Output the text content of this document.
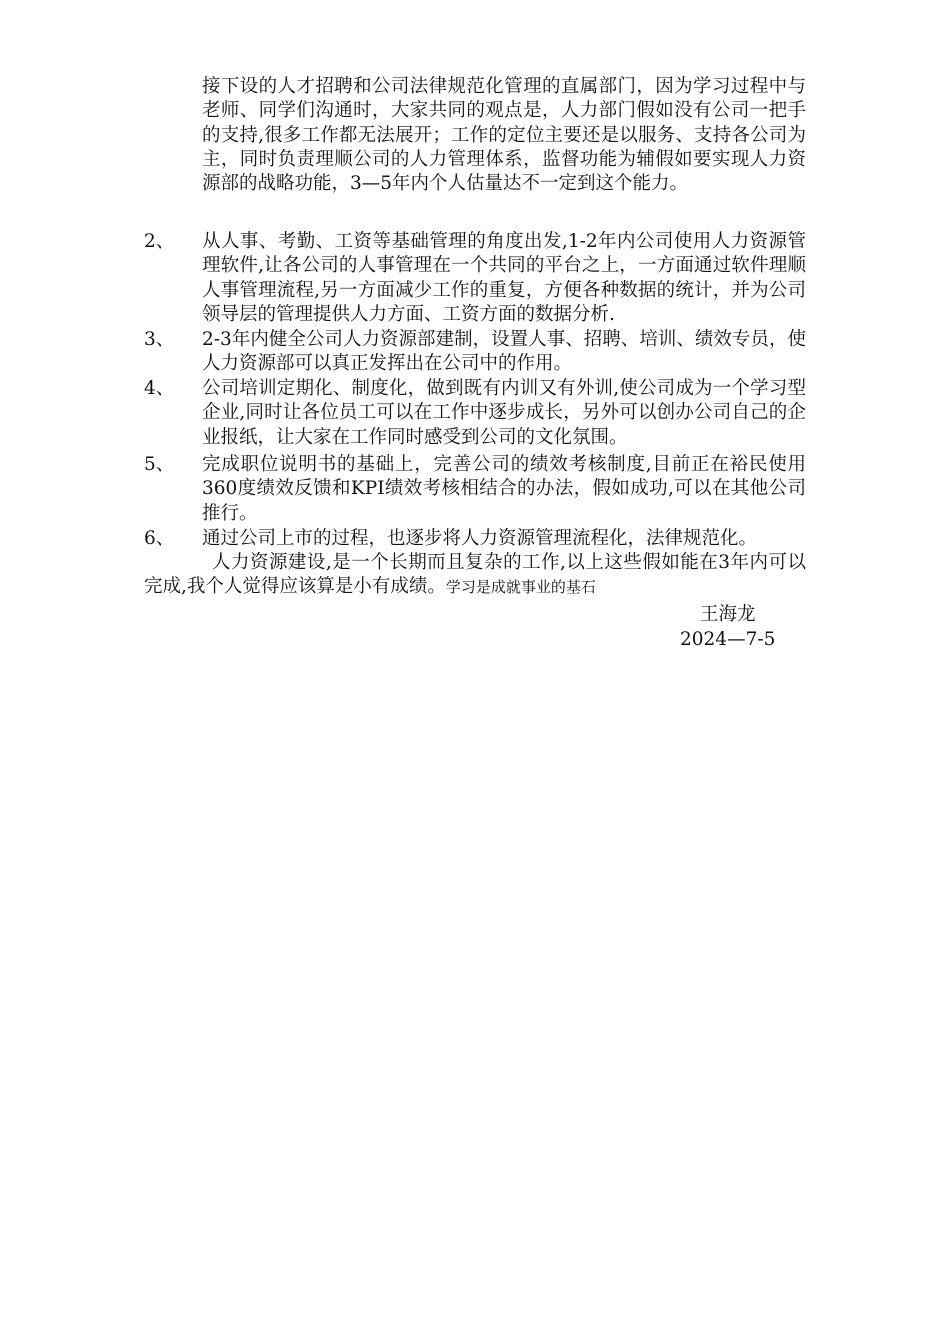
接下设的人才招聘和公司法律规范化管理的直属部门，因为学习过程中与老师、同学们沟通时，大家共同的观点是，人力部门假如没有公司一把手的支持,很多工作都无法展开；工作的定位主要还是以服务、支持各公司为主，同时负责理顺公司的人力管理体系，监督功能为辅假如要实现人力资源部的战略功能，3—5年内个人估量达不一定到这个能力。
2、	从人事、考勤、工资等基础管理的角度出发,1-2年内公司使用人力资源管理软件,让各公司的人事管理在一个共同的平台之上，一方面通过软件理顺人事管理流程,另一方面减少工作的重复，方便各种数据的统计，并为公司领导层的管理提供人力方面、工资方面的数据分析.
3、	2-3年内健全公司人力资源部建制，设置人事、招聘、培训、绩效专员，使人力资源部可以真正发挥出在公司中的作用。
4、	公司培训定期化、制度化，做到既有内训又有外训,使公司成为一个学习型企业,同时让各位员工可以在工作中逐步成长，另外可以创办公司自己的企业报纸，让大家在工作同时感受到公司的文化氛围。
5、	完成职位说明书的基础上，完善公司的绩效考核制度,目前正在裕民使用360度绩效反馈和KPI绩效考核相结合的办法，假如成功,可以在其他公司推行。
6、	通过公司上市的过程，也逐步将人力资源管理流程化，法律规范化。
人力资源建设,是一个长期而且复杂的工作,以上这些假如能在3年内可以完成,我个人觉得应该算是小有成绩。学习是成就事业的基石
王海龙
2024—7-5
